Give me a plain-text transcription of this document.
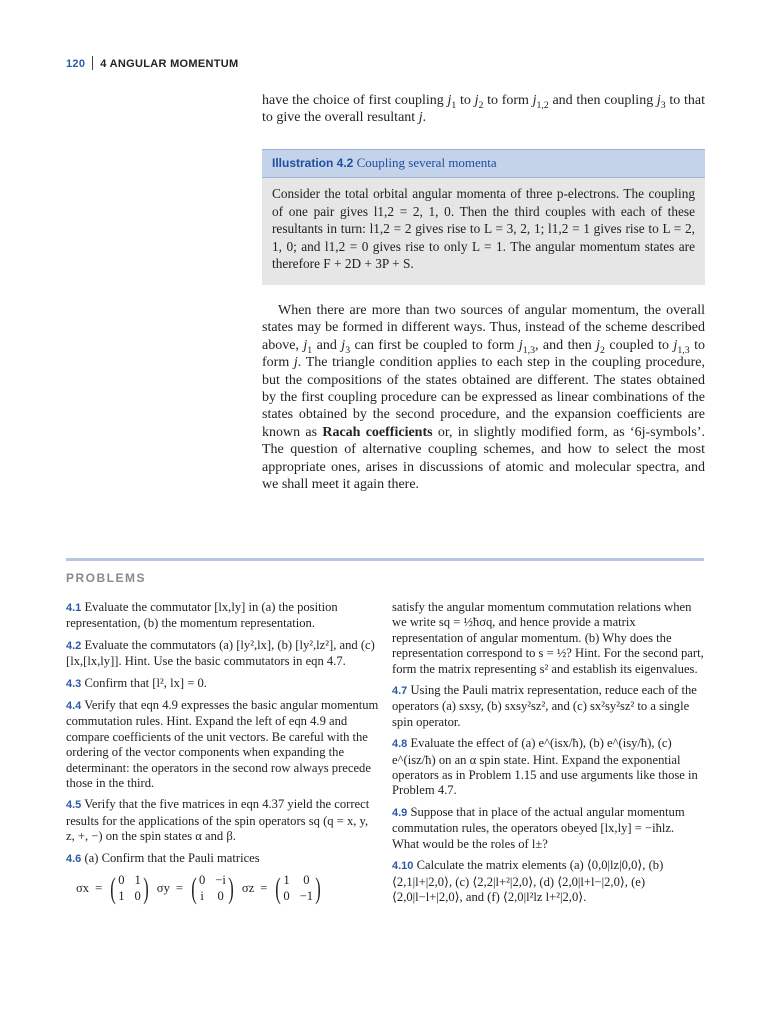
120 4 ANGULAR MOMENTUM
have the choice of first coupling $j_1$ to $j_2$ to form $j_{1,2}$ and then coupling $j_3$ to that to give the overall resultant j.
Illustration 4.2 Coupling several momenta
Consider the total orbital angular momenta of three p-electrons. The coupling of one pair gives l1,2 = 2, 1, 0. Then the third couples with each of these resultants in turn: l1,2 = 2 gives rise to L = 3, 2, 1; l1,2 = 1 gives rise to L = 2, 1, 0; and l1,2 = 0 gives rise to only L = 1. The angular momentum states are therefore F + 2D + 3P + S.
When there are more than two sources of angular momentum, the overall states may be formed in different ways. Thus, instead of the scheme described above, $j_1$ and $j_3$ can first be coupled to form $j_{1,3}$, and then $j_2$ coupled to $j_{1,3}$ to form j. The triangle condition applies to each step in the coupling procedure, but the compositions of the states obtained are different. The states obtained by the first coupling procedure can be expressed as linear combinations of the states obtained by the second procedure, and the expansion coefficients are known as Racah coefficients or, in slightly modified form, as ‘6j-symbols’. The question of alternative coupling schemes, and how to select the most appropriate ones, arises in discussions of atomic and molecular spectra, and we shall meet it again there.
PROBLEMS
4.1 Evaluate the commutator [lx,ly] in (a) the position representation, (b) the momentum representation.
4.2 Evaluate the commutators (a) [ly²,lx], (b) [ly²,lz²], and (c) [lx,[lx,ly]]. Hint. Use the basic commutators in eqn 4.7.
4.3 Confirm that [l², lx] = 0.
4.4 Verify that eqn 4.9 expresses the basic angular momentum commutation rules. Hint. Expand the left of eqn 4.9 and compare coefficients of the unit vectors. Be careful with the ordering of the vector components when expanding the determinant: the operators in the second row always precede those in the third.
4.5 Verify that the five matrices in eqn 4.37 yield the correct results for the applications of the spin operators sq (q = x, y, z, +, −) on the spin states α and β.
4.6 (a) Confirm that the Pauli matrices
σx = ( 0 1
1 0 ) σy = ( 0 −i
i 0 ) σz = ( 1 0
0 −1 )
satisfy the angular momentum commutation relations when we write sq = ½ħσq, and hence provide a matrix representation of angular momentum. (b) Why does the representation correspond to s = ½? Hint. For the second part, form the matrix representing s² and establish its eigenvalues.
4.7 Using the Pauli matrix representation, reduce each of the operators (a) sxsy, (b) sxsy²sz², and (c) sx²sy²sz² to a single spin operator.
4.8 Evaluate the effect of (a) e^(isx/ħ), (b) e^(isy/ħ), (c) e^(isz/ħ) on an α spin state. Hint. Expand the exponential operators as in Problem 1.15 and use arguments like those in Problem 4.7.
4.9 Suppose that in place of the actual angular momentum commutation rules, the operators obeyed [lx,ly] = −iħlz. What would be the roles of l±?
4.10 Calculate the matrix elements (a) ⟨0,0|lz|0,0⟩, (b) ⟨2,1|l+|2,0⟩, (c) ⟨2,2|l+²|2,0⟩, (d) ⟨2,0|l+l−|2,0⟩, (e) ⟨2,0|l−l+|2,0⟩, and (f) ⟨2,0|l²lz l+²|2,0⟩.
